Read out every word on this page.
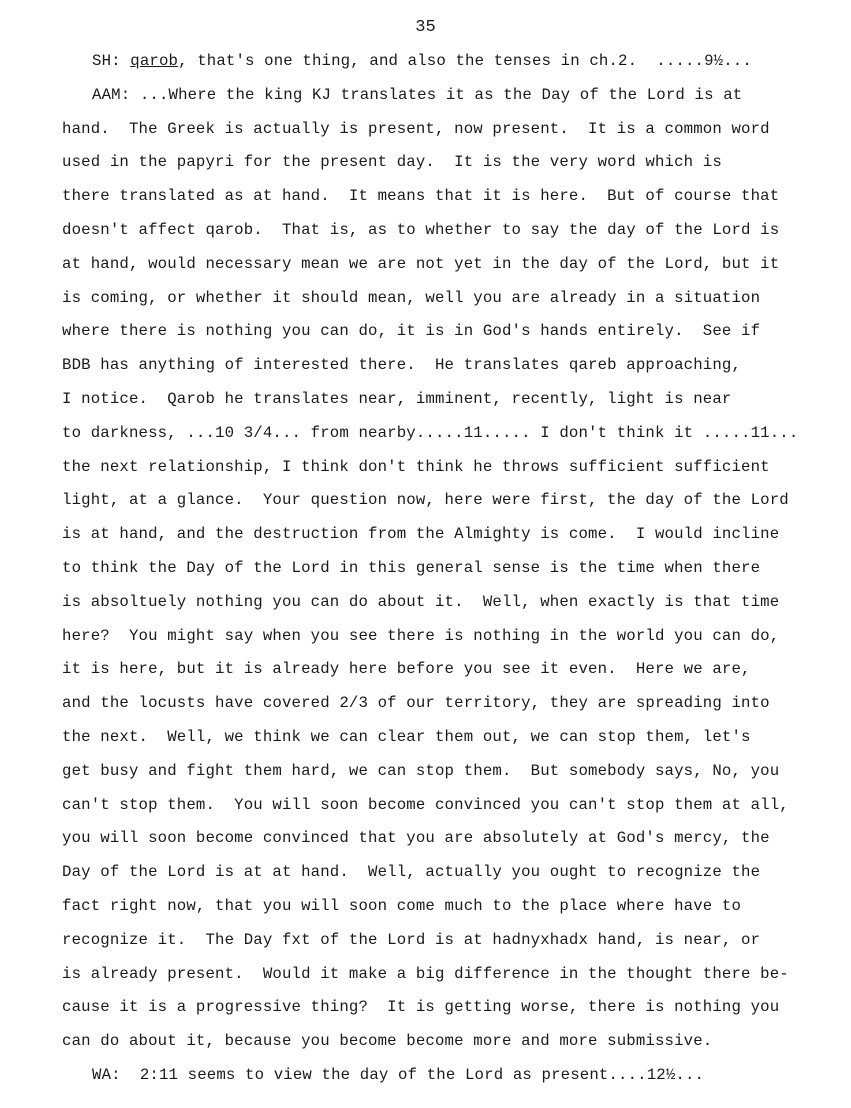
35
SH: qarob, that's one thing, and also the tenses in ch.2.  .....9½...
AAM: ...Where the king KJ translates it as the Day of the Lord is at
hand.  The Greek is actually is present, now present.  It is a common word
used in the papyri for the present day.  It is the very word which is
there translated as at hand.  It means that it is here.  But of course that
doesn't affect qarob.  That is, as to whether to say the day of the Lord is
at hand, would necessary mean we are not yet in the day of the Lord, but it
is coming, or whether it should mean, well you are already in a situation
where there is nothing you can do, it is in God's hands entirely.  See if
BDB has anything of interested there.  He translates qareb approaching,
I notice.  Qarob he translates near, imminent, recently, light is near
to darkness, ...10 3/4... from nearby.....11..... I don't think it .....11...
the next relationship, I think don't think he throws sufficient sufficient
light, at a glance.  Your question now, here were first, the day of the Lord
is at hand, and the destruction from the Almighty is come.  I would incline
to think the Day of the Lord in this general sense is the time when there
is absoltuely nothing you can do about it.  Well, when exactly is that time
here?  You might say when you see there is nothing in the world you can do,
it is here, but it is already here before you see it even.  Here we are,
and the locusts have covered 2/3 of our territory, they are spreading into
the next.  Well, we think we can clear them out, we can stop them, let's
get busy and fight them hard, we can stop them.  But somebody says, No, you
can't stop them.  You will soon become convinced you can't stop them at all,
you will soon become convinced that you are absolutely at God's mercy, the
Day of the Lord is at at hand.  Well, actually you ought to recognize the
fact right now, that you will soon come much to the place where have to
recognize it.  The Day fxt of the Lord is at hadnyxhadx hand, is near, or
is already present.  Would it make a big difference in the thought there be-
cause it is a progressive thing?  It is getting worse, there is nothing you
can do about it, because you become become more and more submissive.
WA:  2:11 seems to view the day of the Lord as present....12½...
